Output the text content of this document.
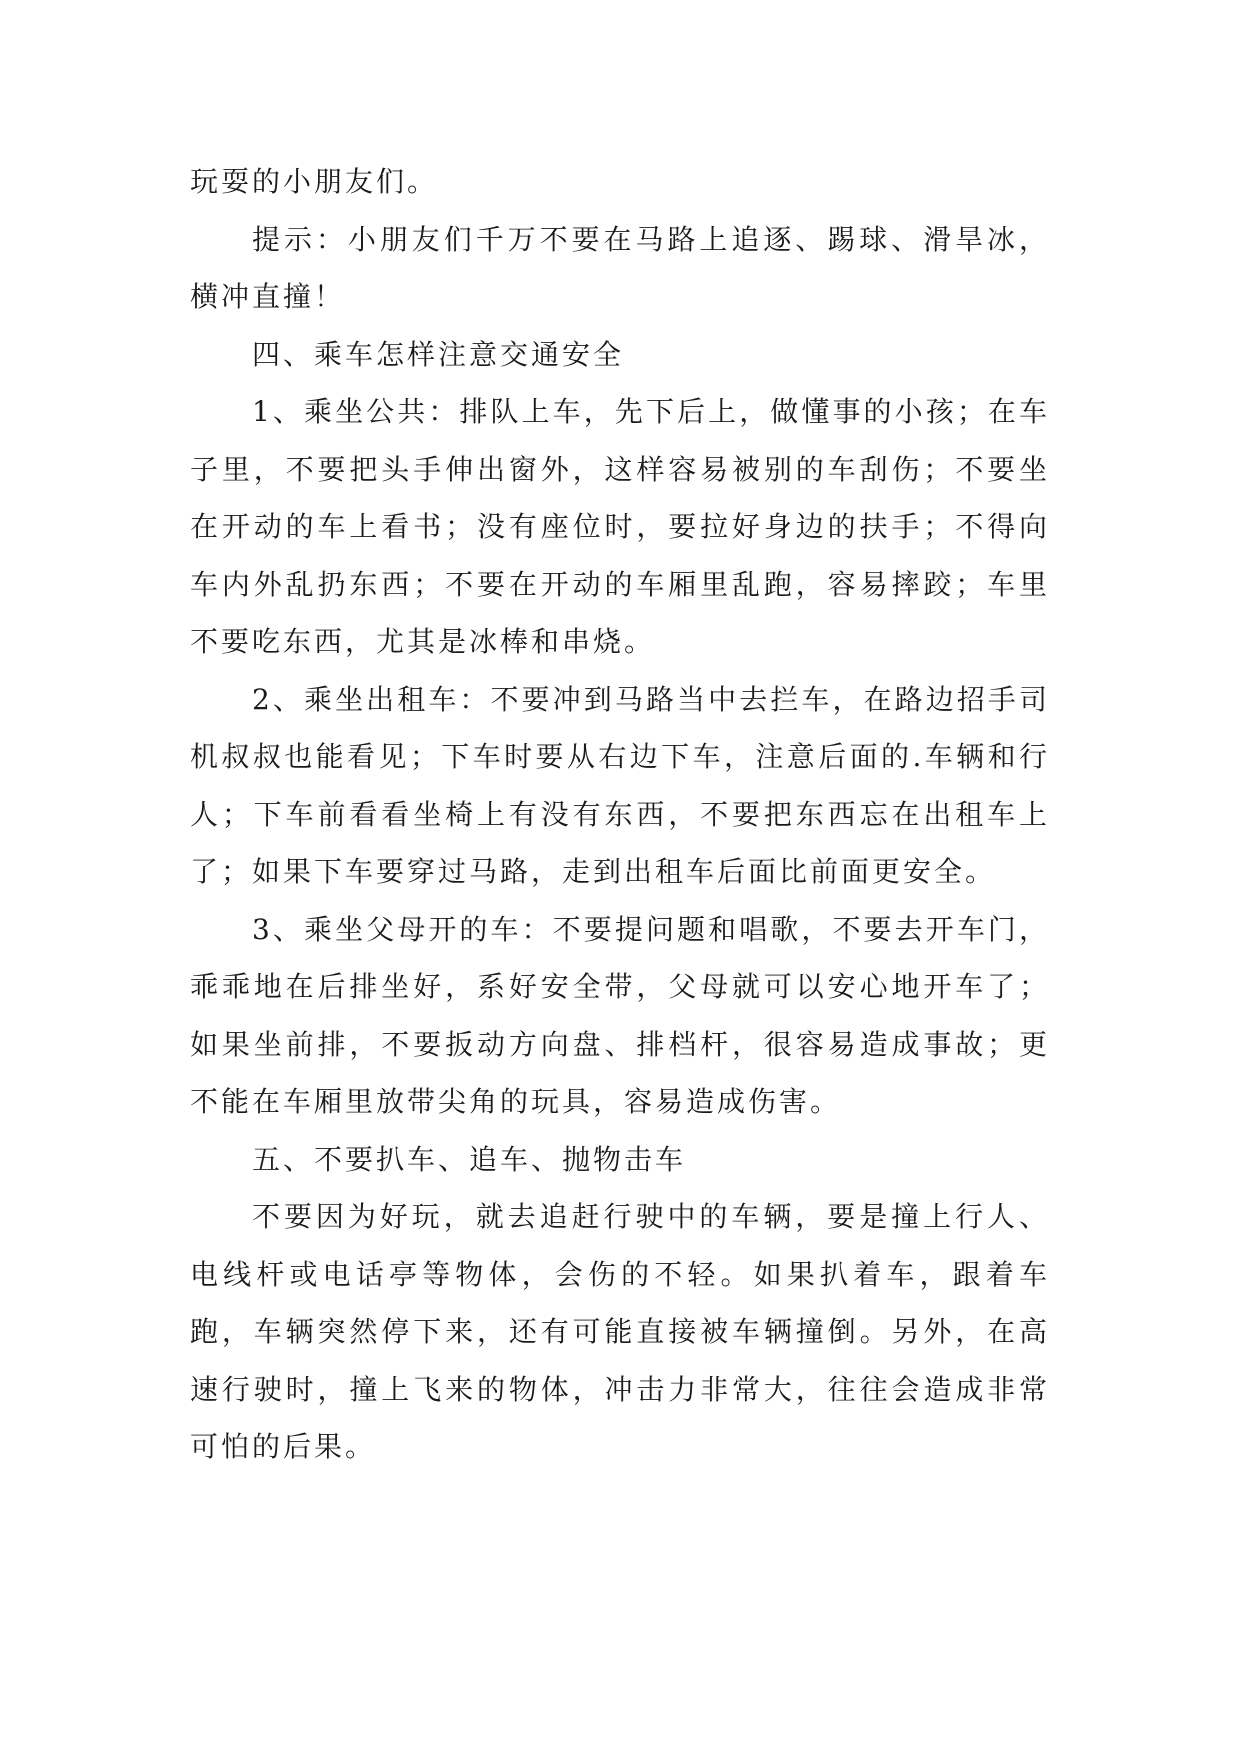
玩耍的小朋友们。

提示：小朋友们千万不要在马路上追逐、踢球、滑旱冰，横冲直撞！

四、乘车怎样注意交通安全

1、乘坐公共：排队上车，先下后上，做懂事的小孩；在车子里，不要把头手伸出窗外，这样容易被别的车刮伤；不要坐在开动的车上看书；没有座位时，要拉好身边的扶手；不得向车内外乱扔东西；不要在开动的车厢里乱跑，容易摔跤；车里不要吃东西，尤其是冰棒和串烧。

2、乘坐出租车：不要冲到马路当中去拦车，在路边招手司机叔叔也能看见；下车时要从右边下车，注意后面的.车辆和行人；下车前看看坐椅上有没有东西，不要把东西忘在出租车上了；如果下车要穿过马路，走到出租车后面比前面更安全。

3、乘坐父母开的车：不要提问题和唱歌，不要去开车门，乖乖地在后排坐好，系好安全带，父母就可以安心地开车了；如果坐前排，不要扳动方向盘、排档杆，很容易造成事故；更不能在车厢里放带尖角的玩具，容易造成伤害。

五、不要扒车、追车、抛物击车

不要因为好玩，就去追赶行驶中的车辆，要是撞上行人、电线杆或电话亭等物体，会伤的不轻。如果扒着车，跟着车跑，车辆突然停下来，还有可能直接被车辆撞倒。另外，在高速行驶时，撞上飞来的物体，冲击力非常大，往往会造成非常可怕的后果。
